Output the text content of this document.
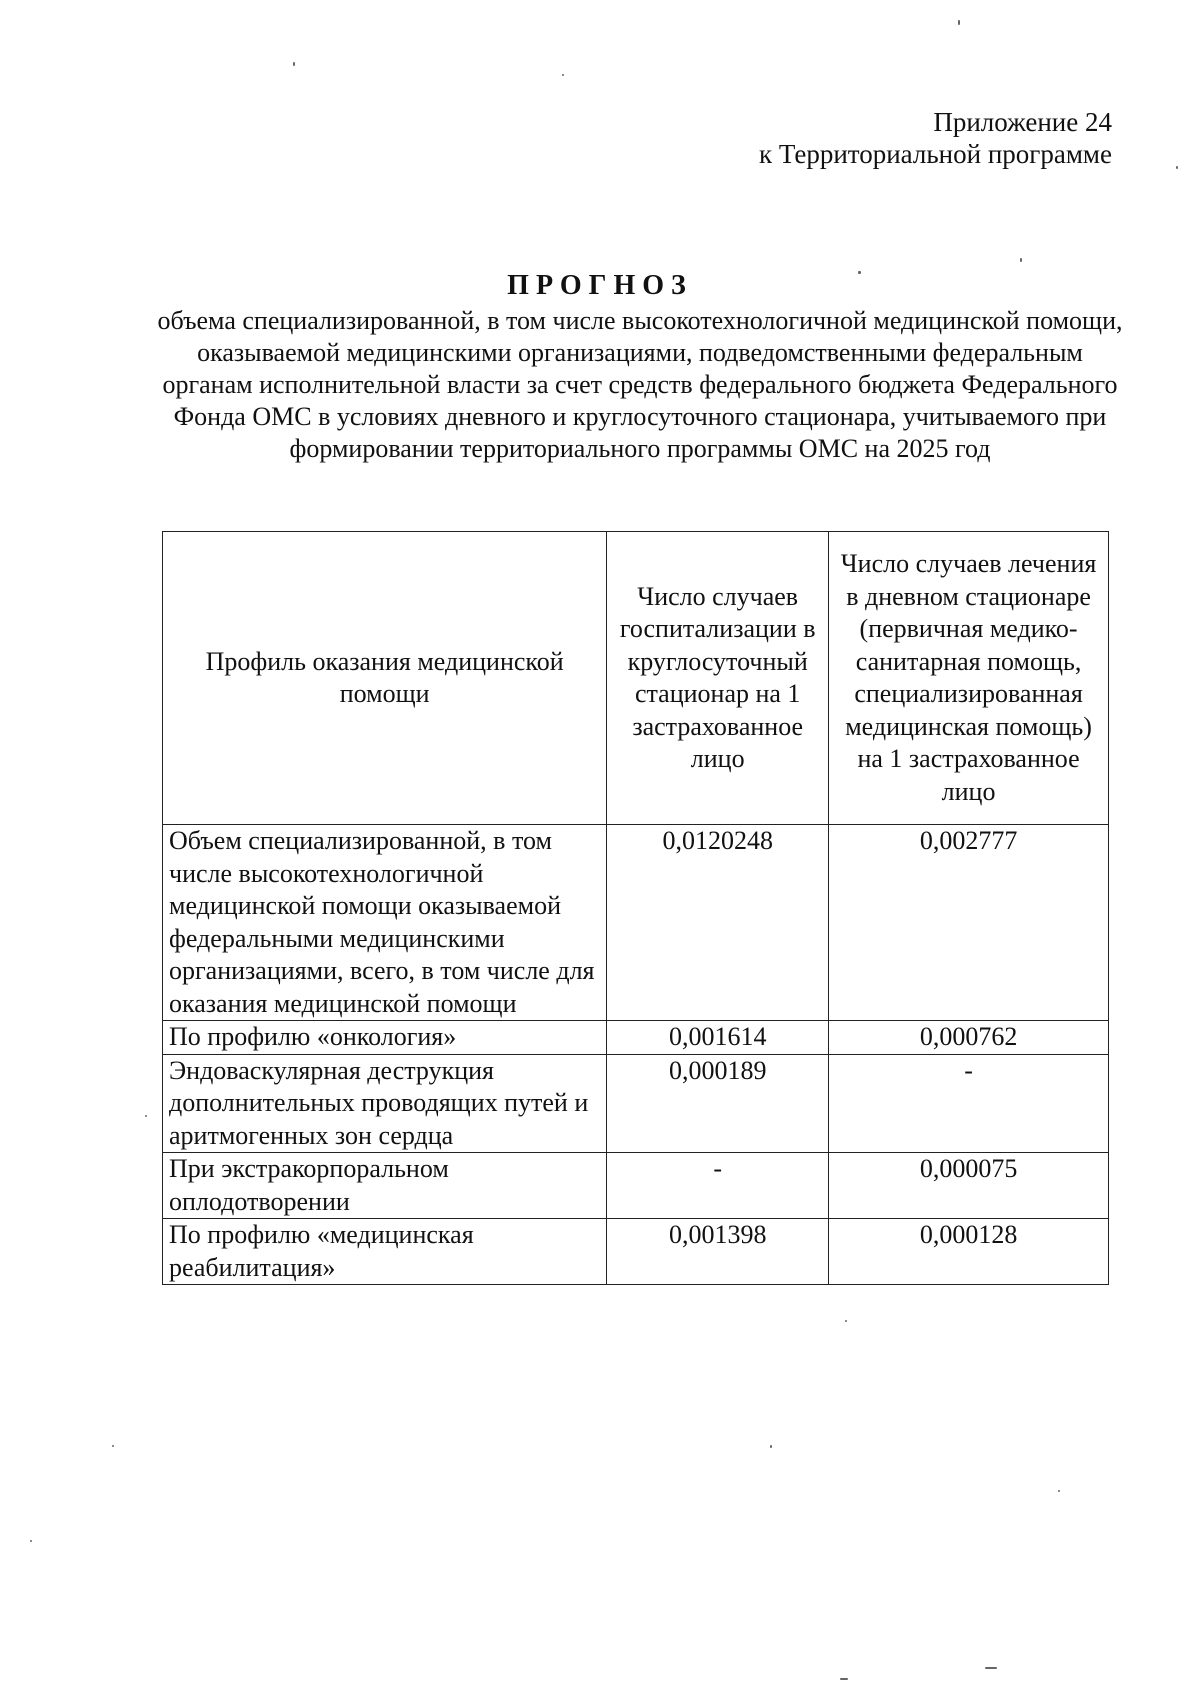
Приложение 24
к Территориальной программе
ПРОГНОЗ
объема специализированной, в том числе высокотехнологичной медицинской помощи, оказываемой медицинскими организациями, подведомственными федеральным органам исполнительной власти за счет средств федерального бюджета Федерального Фонда ОМС в условиях дневного и круглосуточного стационара, учитываемого при формировании территориального программы ОМС на 2025 год
Профиль оказания медицинской помощи	Число случаев госпитализации в круглосуточный стационар на 1 застрахованное лицо	Число случаев лечения в дневном стационаре (первичная медико-санитарная помощь, специализированная медицинская помощь) на 1 застрахованное лицо
Объем специализированной, в том числе высокотехнологичной медицинской помощи оказываемой федеральными медицинскими организациями, всего, в том числе для оказания медицинской помощи	0,0120248	0,002777
По профилю «онкология»	0,001614	0,000762
Эндоваскулярная деструкция дополнительных проводящих путей и аритмогенных зон сердца	0,000189	-
При экстракорпоральном оплодотворении	-	0,000075
По профилю «медицинская реабилитация»	0,001398	0,000128
